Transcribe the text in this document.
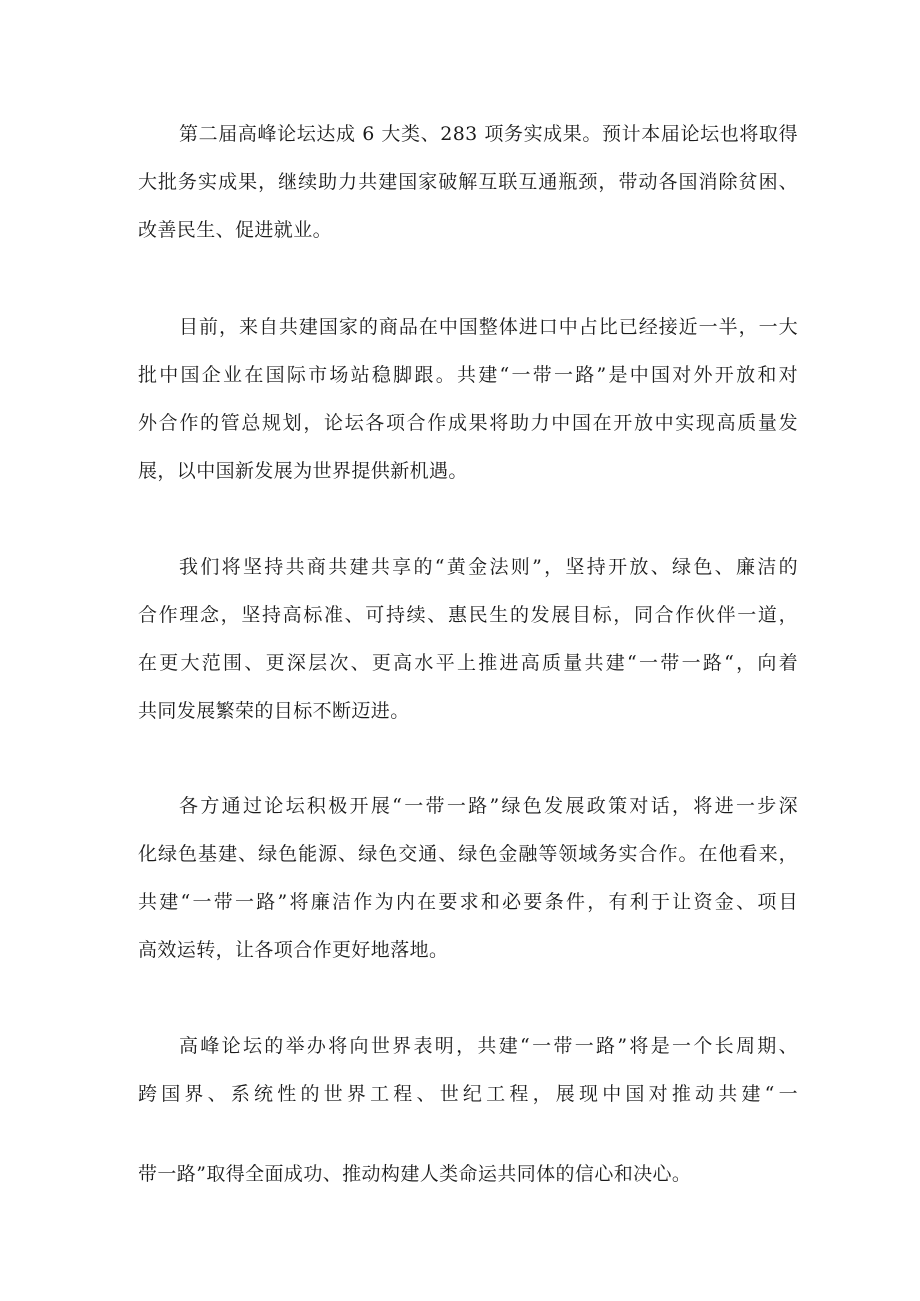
第二届高峰论坛达成 6 大类、283 项务实成果。预计本届论坛也将取得
大批务实成果，继续助力共建国家破解互联互通瓶颈，带动各国消除贫困、
改善民生、促进就业。

目前，来自共建国家的商品在中国整体进口中占比已经接近一半，一大
批中国企业在国际市场站稳脚跟。共建“一带一路”是中国对外开放和对
外合作的管总规划，论坛各项合作成果将助力中国在开放中实现高质量发
展，以中国新发展为世界提供新机遇。

我们将坚持共商共建共享的“黄金法则”，坚持开放、绿色、廉洁的
合作理念，坚持高标准、可持续、惠民生的发展目标，同合作伙伴一道，
在更大范围、更深层次、更高水平上推进高质量共建“一带一路“，向着
共同发展繁荣的目标不断迈进。

各方通过论坛积极开展“一带一路”绿色发展政策对话，将进一步深
化绿色基建、绿色能源、绿色交通、绿色金融等领域务实合作。在他看来，
共建“一带一路”将廉洁作为内在要求和必要条件，有利于让资金、项目
高效运转，让各项合作更好地落地。

高峰论坛的举办将向世界表明，共建“一带一路”将是一个长周期、
跨国界、系统性的世界工程、世纪工程，展现中国对推动共建“一

带一路”取得全面成功、推动构建人类命运共同体的信心和决心。
